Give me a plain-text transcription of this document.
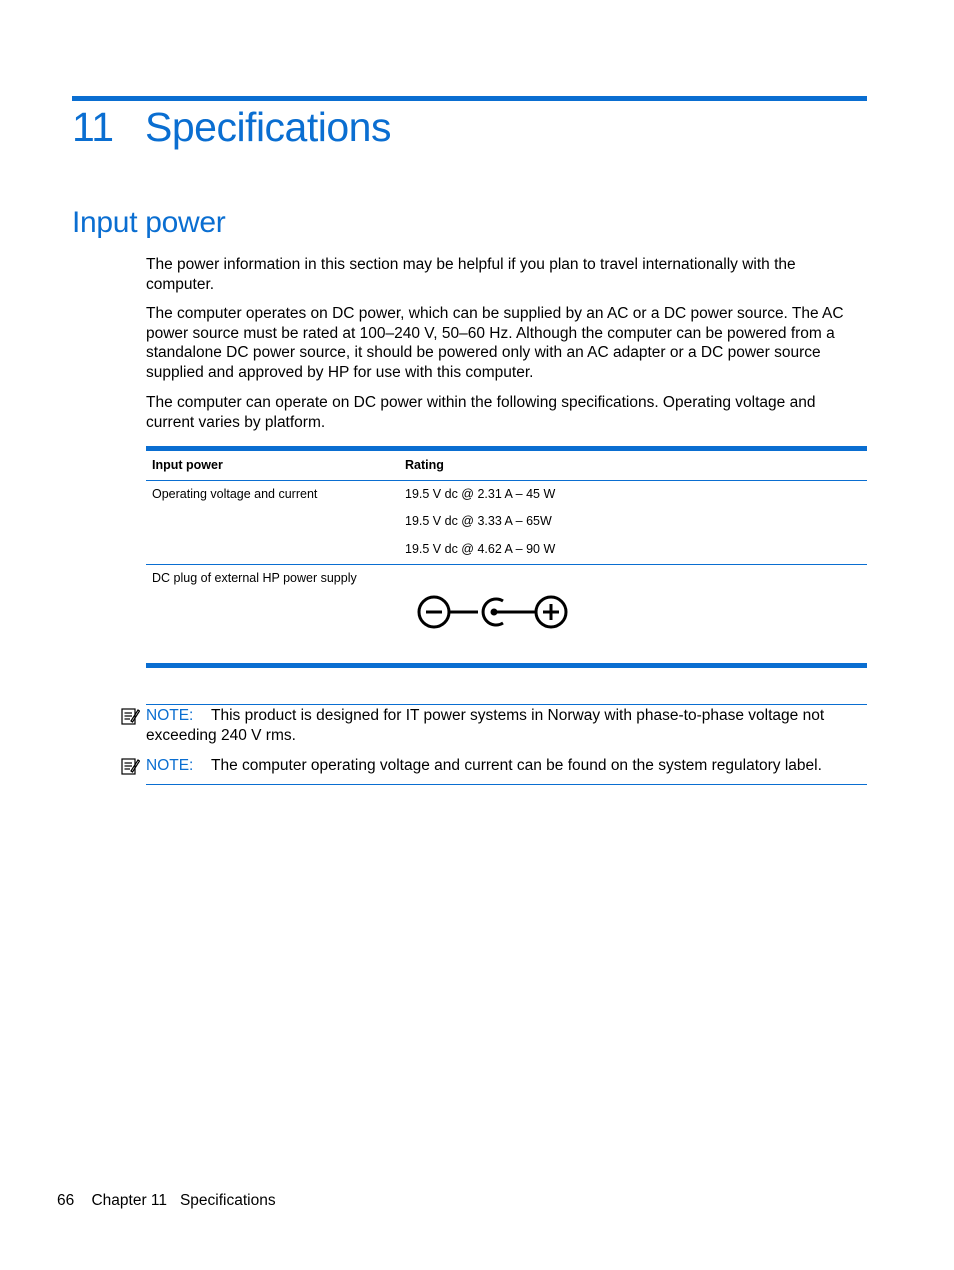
11 Specifications
Input power

The power information in this section may be helpful if you plan to travel internationally with the computer.

The computer operates on DC power, which can be supplied by an AC or a DC power source. The AC power source must be rated at 100–240 V, 50–60 Hz. Although the computer can be powered from a standalone DC power source, it should be powered only with an AC adapter or a DC power source supplied and approved by HP for use with this computer.

The computer can operate on DC power within the following specifications. Operating voltage and current varies by platform.

Input power	Rating
Operating voltage and current	19.5 V dc @ 2.31 A – 45 W
19.5 V dc @ 3.33 A – 65W
19.5 V dc @ 4.62 A – 90 W
DC plug of external HP power supply

NOTE: This product is designed for IT power systems in Norway with phase-to-phase voltage not exceeding 240 V rms.

NOTE: The computer operating voltage and current can be found on the system regulatory label.

66 Chapter 11 Specifications
